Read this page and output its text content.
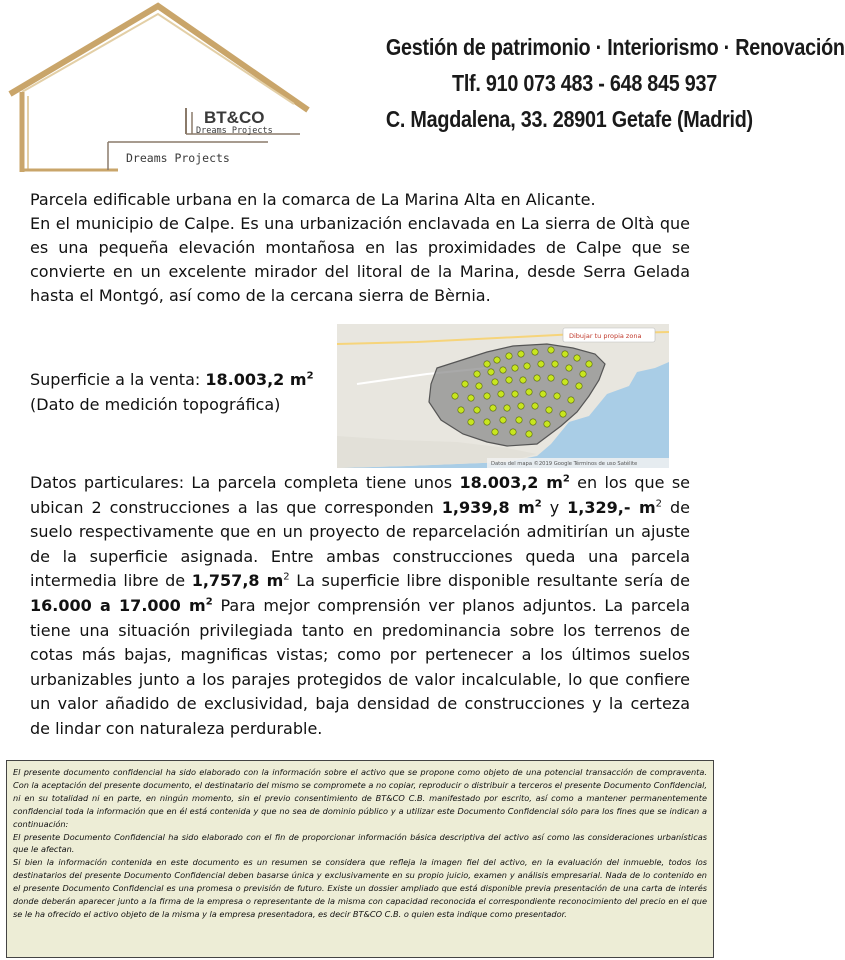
BT&CO
Dreams Projects
Dreams Projects
Gestión de patrimonio · Interiorismo · Renovación
Tlf. 910 073 483 - 648 845 937
C. Magdalena, 33. 28901 Getafe (Madrid)
Parcela edificable urbana en la comarca de La Marina Alta en Alicante.
En el municipio de Calpe. Es una urbanización enclavada en La sierra de Oltà que es una pequeña elevación montañosa en las proximidades de Calpe que se convierte en un excelente mirador del litoral de la Marina, desde Serra Gelada hasta el Montgó, así como de la cercana sierra de Bèrnia.
Superficie a la venta: 18.003,2 $m^2$
(Dato de medición topográfica)
Dibujar tu propia zona
Datos del mapa ©2019 Google Términos de uso Satélite
Datos particulares: La parcela completa tiene unos 18.003,2 $m^2$ en los que se ubican 2 construcciones a las que corresponden 1,939,8 $m^2$ y 1,329,- $m^2$ de suelo respectivamente que en un proyecto de reparcelación admitirían un ajuste de la superficie asignada. Entre ambas construcciones queda una parcela intermedia libre de 1,757,8 $m^2$ La superficie libre disponible resultante sería de 16.000 a 17.000 $m^2$ Para mejor comprensión ver planos adjuntos. La parcela tiene una situación privilegiada tanto en predominancia sobre los terrenos de cotas más bajas, magnificas vistas; como por pertenecer a los últimos suelos urbanizables junto a los parajes protegidos de valor incalculable, lo que confiere un valor añadido de exclusividad, baja densidad de construcciones y la certeza de lindar con naturaleza perdurable.

El presente documento confidencial ha sido elaborado con la información sobre el activo que se propone como objeto de una potencial transacción de compraventa. Con la aceptación del presente documento, el destinatario del mismo se compromete a no copiar, reproducir o distribuir a terceros el presente Documento Confidencial, ni en su totalidad ni en parte, en ningún momento, sin el previo consentimiento de BT&CO C.B. manifestado por escrito, así como a mantener permanentemente confidencial toda la información que en él está contenida y que no sea de dominio público y a utilizar este Documento Confidencial sólo para los fines que se indican a continuación:

El presente Documento Confidencial ha sido elaborado con el fin de proporcionar información básica descriptiva del activo así como las consideraciones urbanísticas que le afectan.

Si bien la información contenida en este documento es un resumen se considera que refleja la imagen fiel del activo, en la evaluación del inmueble, todos los destinatarios del presente Documento Confidencial deben basarse única y exclusivamente en su propio juicio, examen y análisis empresarial. Nada de lo contenido en el presente Documento Confidencial es una promesa o previsión de futuro. Existe un dossier ampliado que está disponible previa presentación de una carta de interés donde deberán aparecer junto a la firma de la empresa o representante de la misma con capacidad reconocida el correspondiente reconocimiento del precio en el que se le ha ofrecido el activo objeto de la misma y la empresa presentadora, es decir BT&CO C.B. o quien esta indique como presentador.
